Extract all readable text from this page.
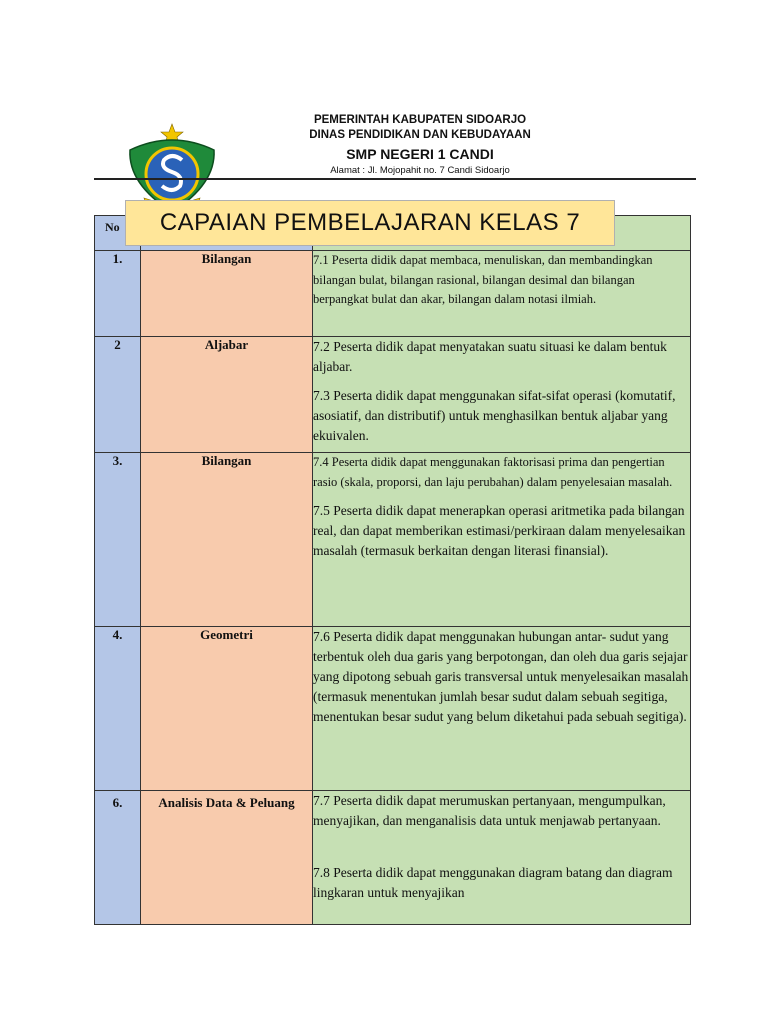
PEMERINTAH KABUPATEN SIDOARJO
DINAS PENDIDIKAN DAN KEBUDAYAAN
SMP NEGERI 1 CANDI
Alamat : Jl. Mojopahit no. 7 Candi Sidoarjo
No		
1.	Bilangan	7.1 Peserta didik dapat membaca, menuliskan, dan membandingkan bilangan bulat, bilangan rasional, bilangan desimal dan bilangan berpangkat bulat dan akar, bilangan dalam notasi ilmiah.

2	Aljabar	7.2 Peserta didik dapat menyatakan suatu situasi ke dalam bentuk aljabar.

7.3 Peserta didik dapat menggunakan sifat-sifat operasi (komutatif, asosiatif, dan distributif) untuk menghasilkan bentuk aljabar yang ekuivalen.

3.	Bilangan	7.4 Peserta didik dapat menggunakan faktorisasi prima dan pengertian rasio (skala, proporsi, dan laju perubahan) dalam penyelesaian masalah.

7.5 Peserta didik dapat menerapkan operasi aritmetika pada bilangan real, dan dapat memberikan estimasi/perkiraan dalam menyelesaikan masalah (termasuk berkaitan dengan literasi finansial).

4.	Geometri	7.6 Peserta didik dapat menggunakan hubungan antar- sudut yang terbentuk oleh dua garis yang berpotongan, dan oleh dua garis sejajar yang dipotong sebuah garis transversal untuk menyelesaikan masalah (termasuk menentukan jumlah besar sudut dalam sebuah segitiga, menentukan besar sudut yang belum diketahui pada sebuah segitiga).

6.	Analisis Data & Peluang	7.7 Peserta didik dapat merumuskan pertanyaan, mengumpulkan, menyajikan, dan menganalisis data untuk menjawab pertanyaan.

7.8 Peserta didik dapat menggunakan diagram batang dan diagram lingkaran untuk menyajikan

CAPAIAN PEMBELAJARAN KELAS 7
